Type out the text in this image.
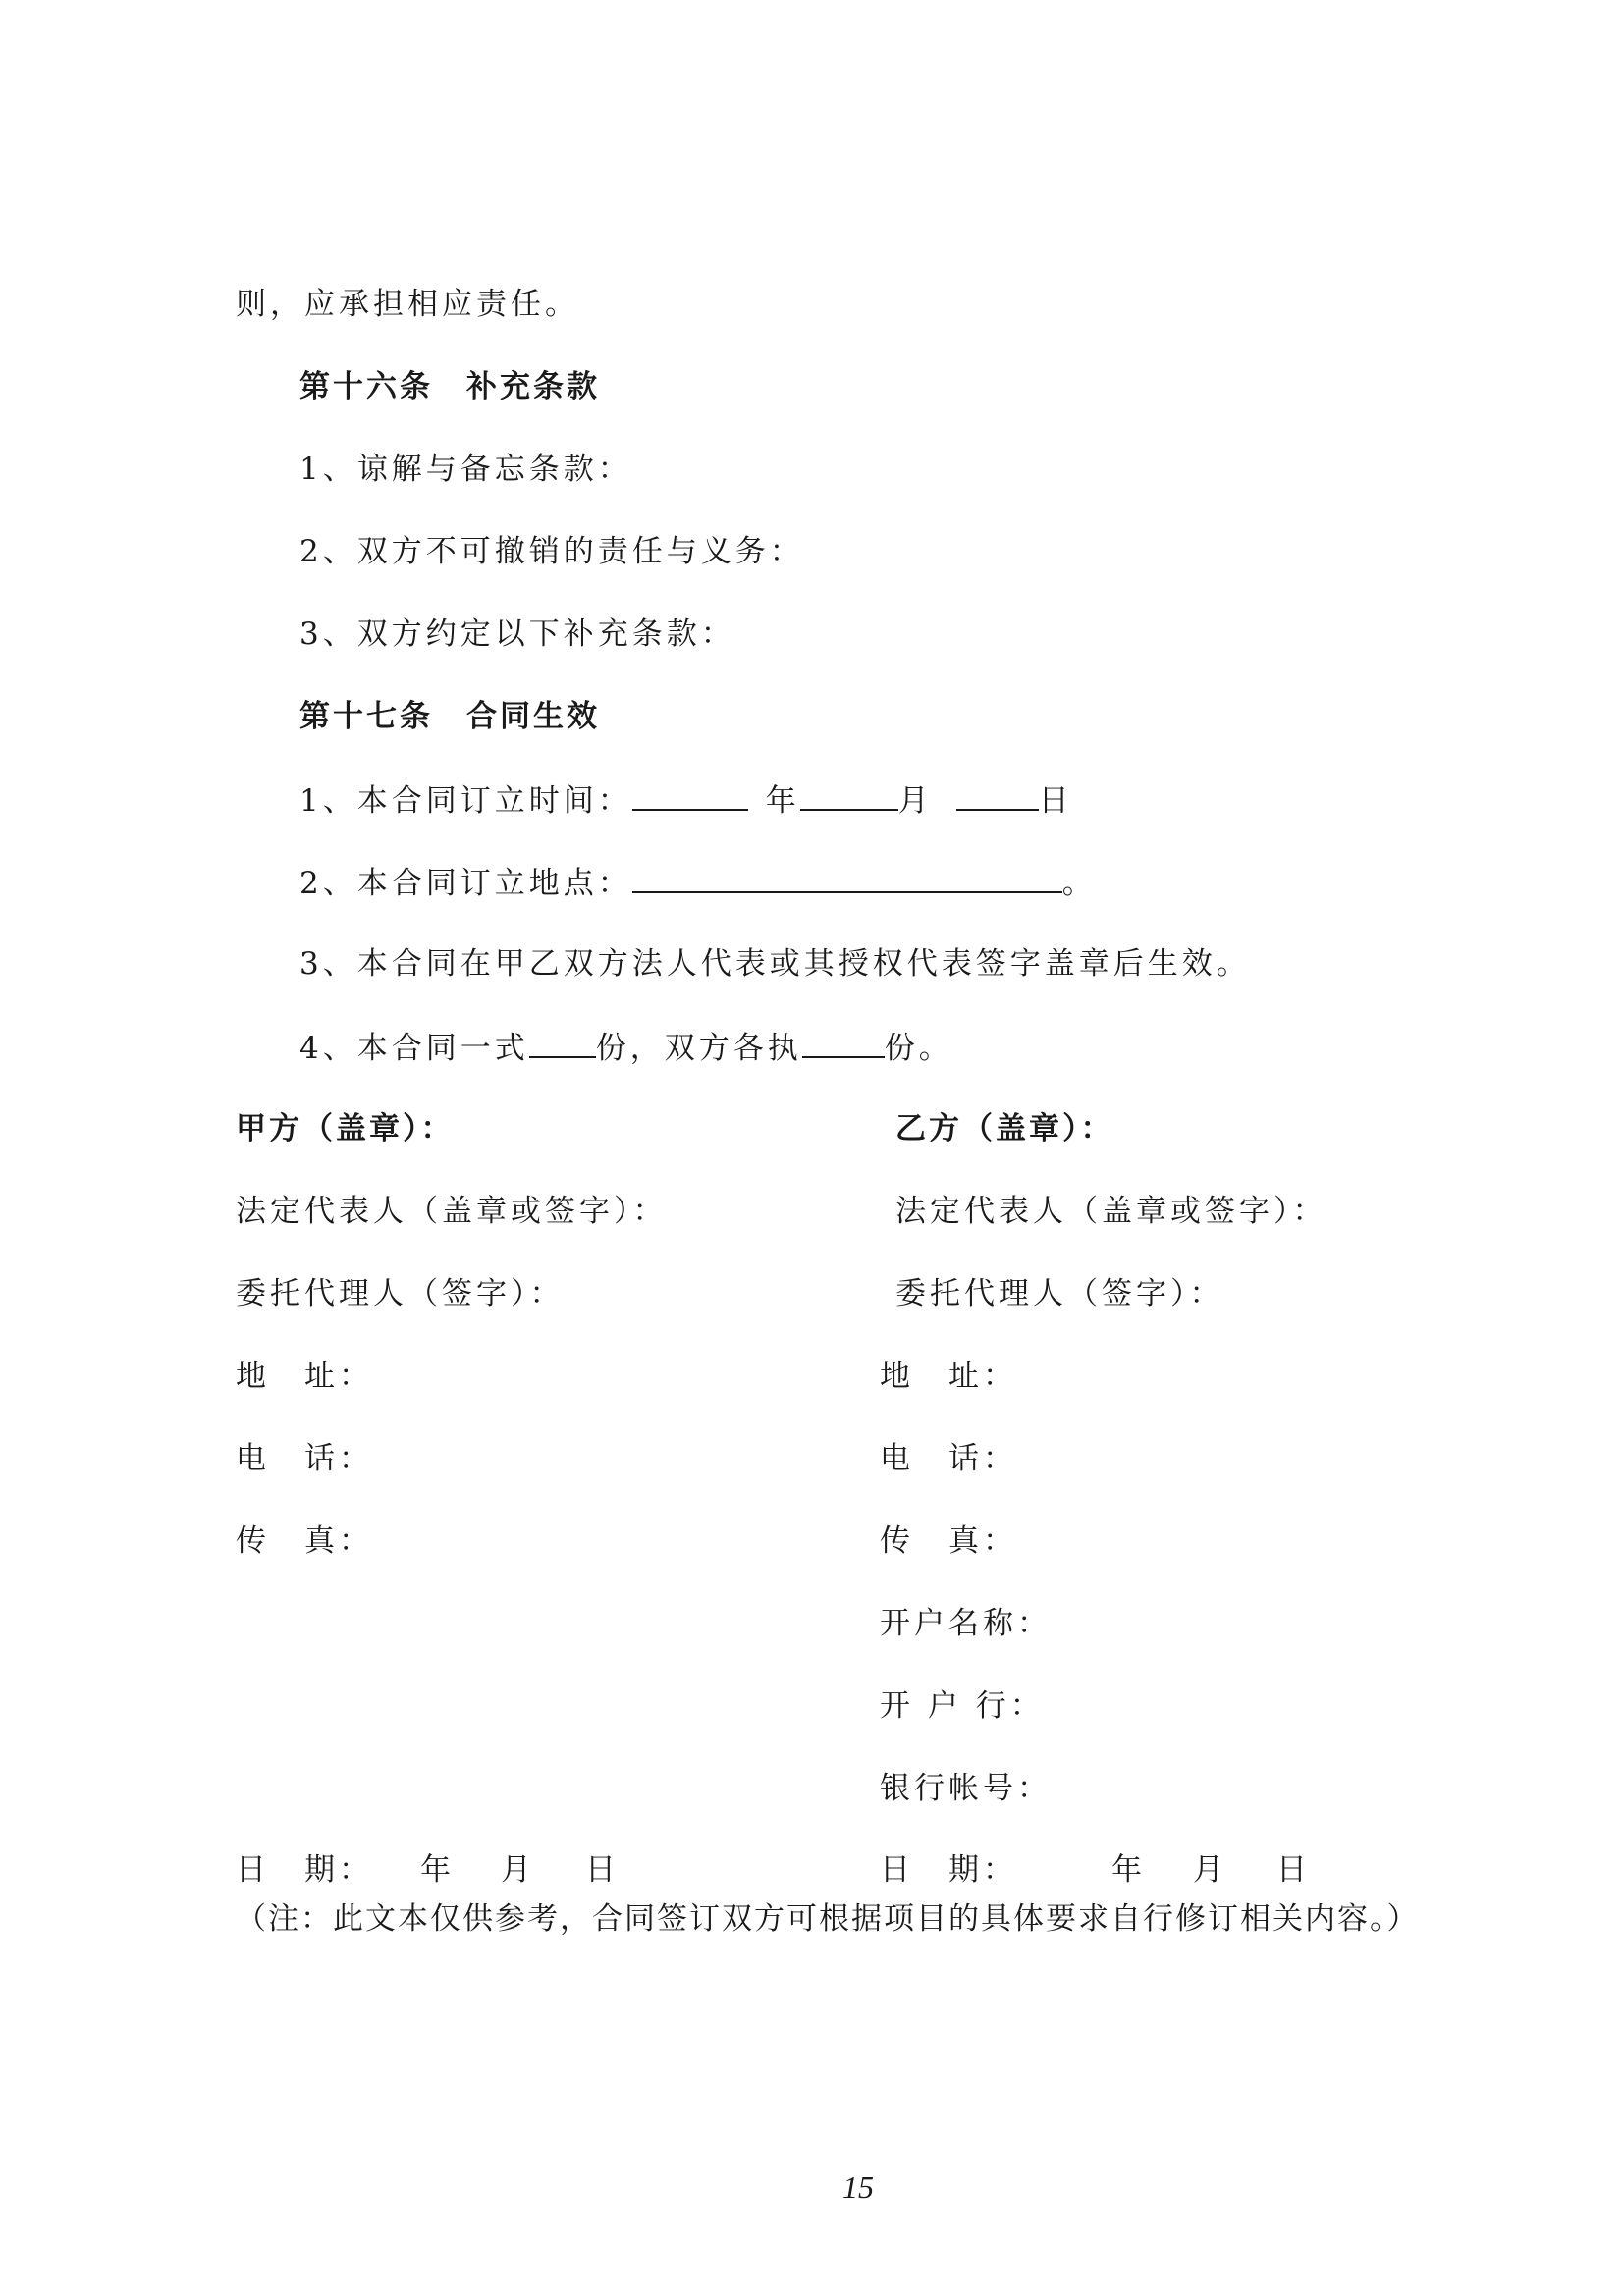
则，应承担相应责任。
第十六条　补充条款
1、谅解与备忘条款：
2、双方不可撤销的责任与义务：
3、双方约定以下补充条款：
第十七条　合同生效
1、本合同订立时间：	年	月	日
2、本合同订立地点：	。
3、本合同在甲乙双方法人代表或其授权代表签字盖章后生效。
4、本合同一式 份，双方各执	份。
甲方（盖章）：
法定代表人（盖章或签字）：
委托代理人（签字）：
地　址：
电　话：
传　真：
乙方（盖章）：
法定代表人（盖章或签字）：
委托代理人（签字）：
地　址：
电　话：
传　真：
开户名称：
开 户 行：
银行帐号：
日　期： 年 月 日	日　期：	年 月 日
（注：此文本仅供参考，合同签订双方可根据项目的具体要求自行修订相关内容。）
15
